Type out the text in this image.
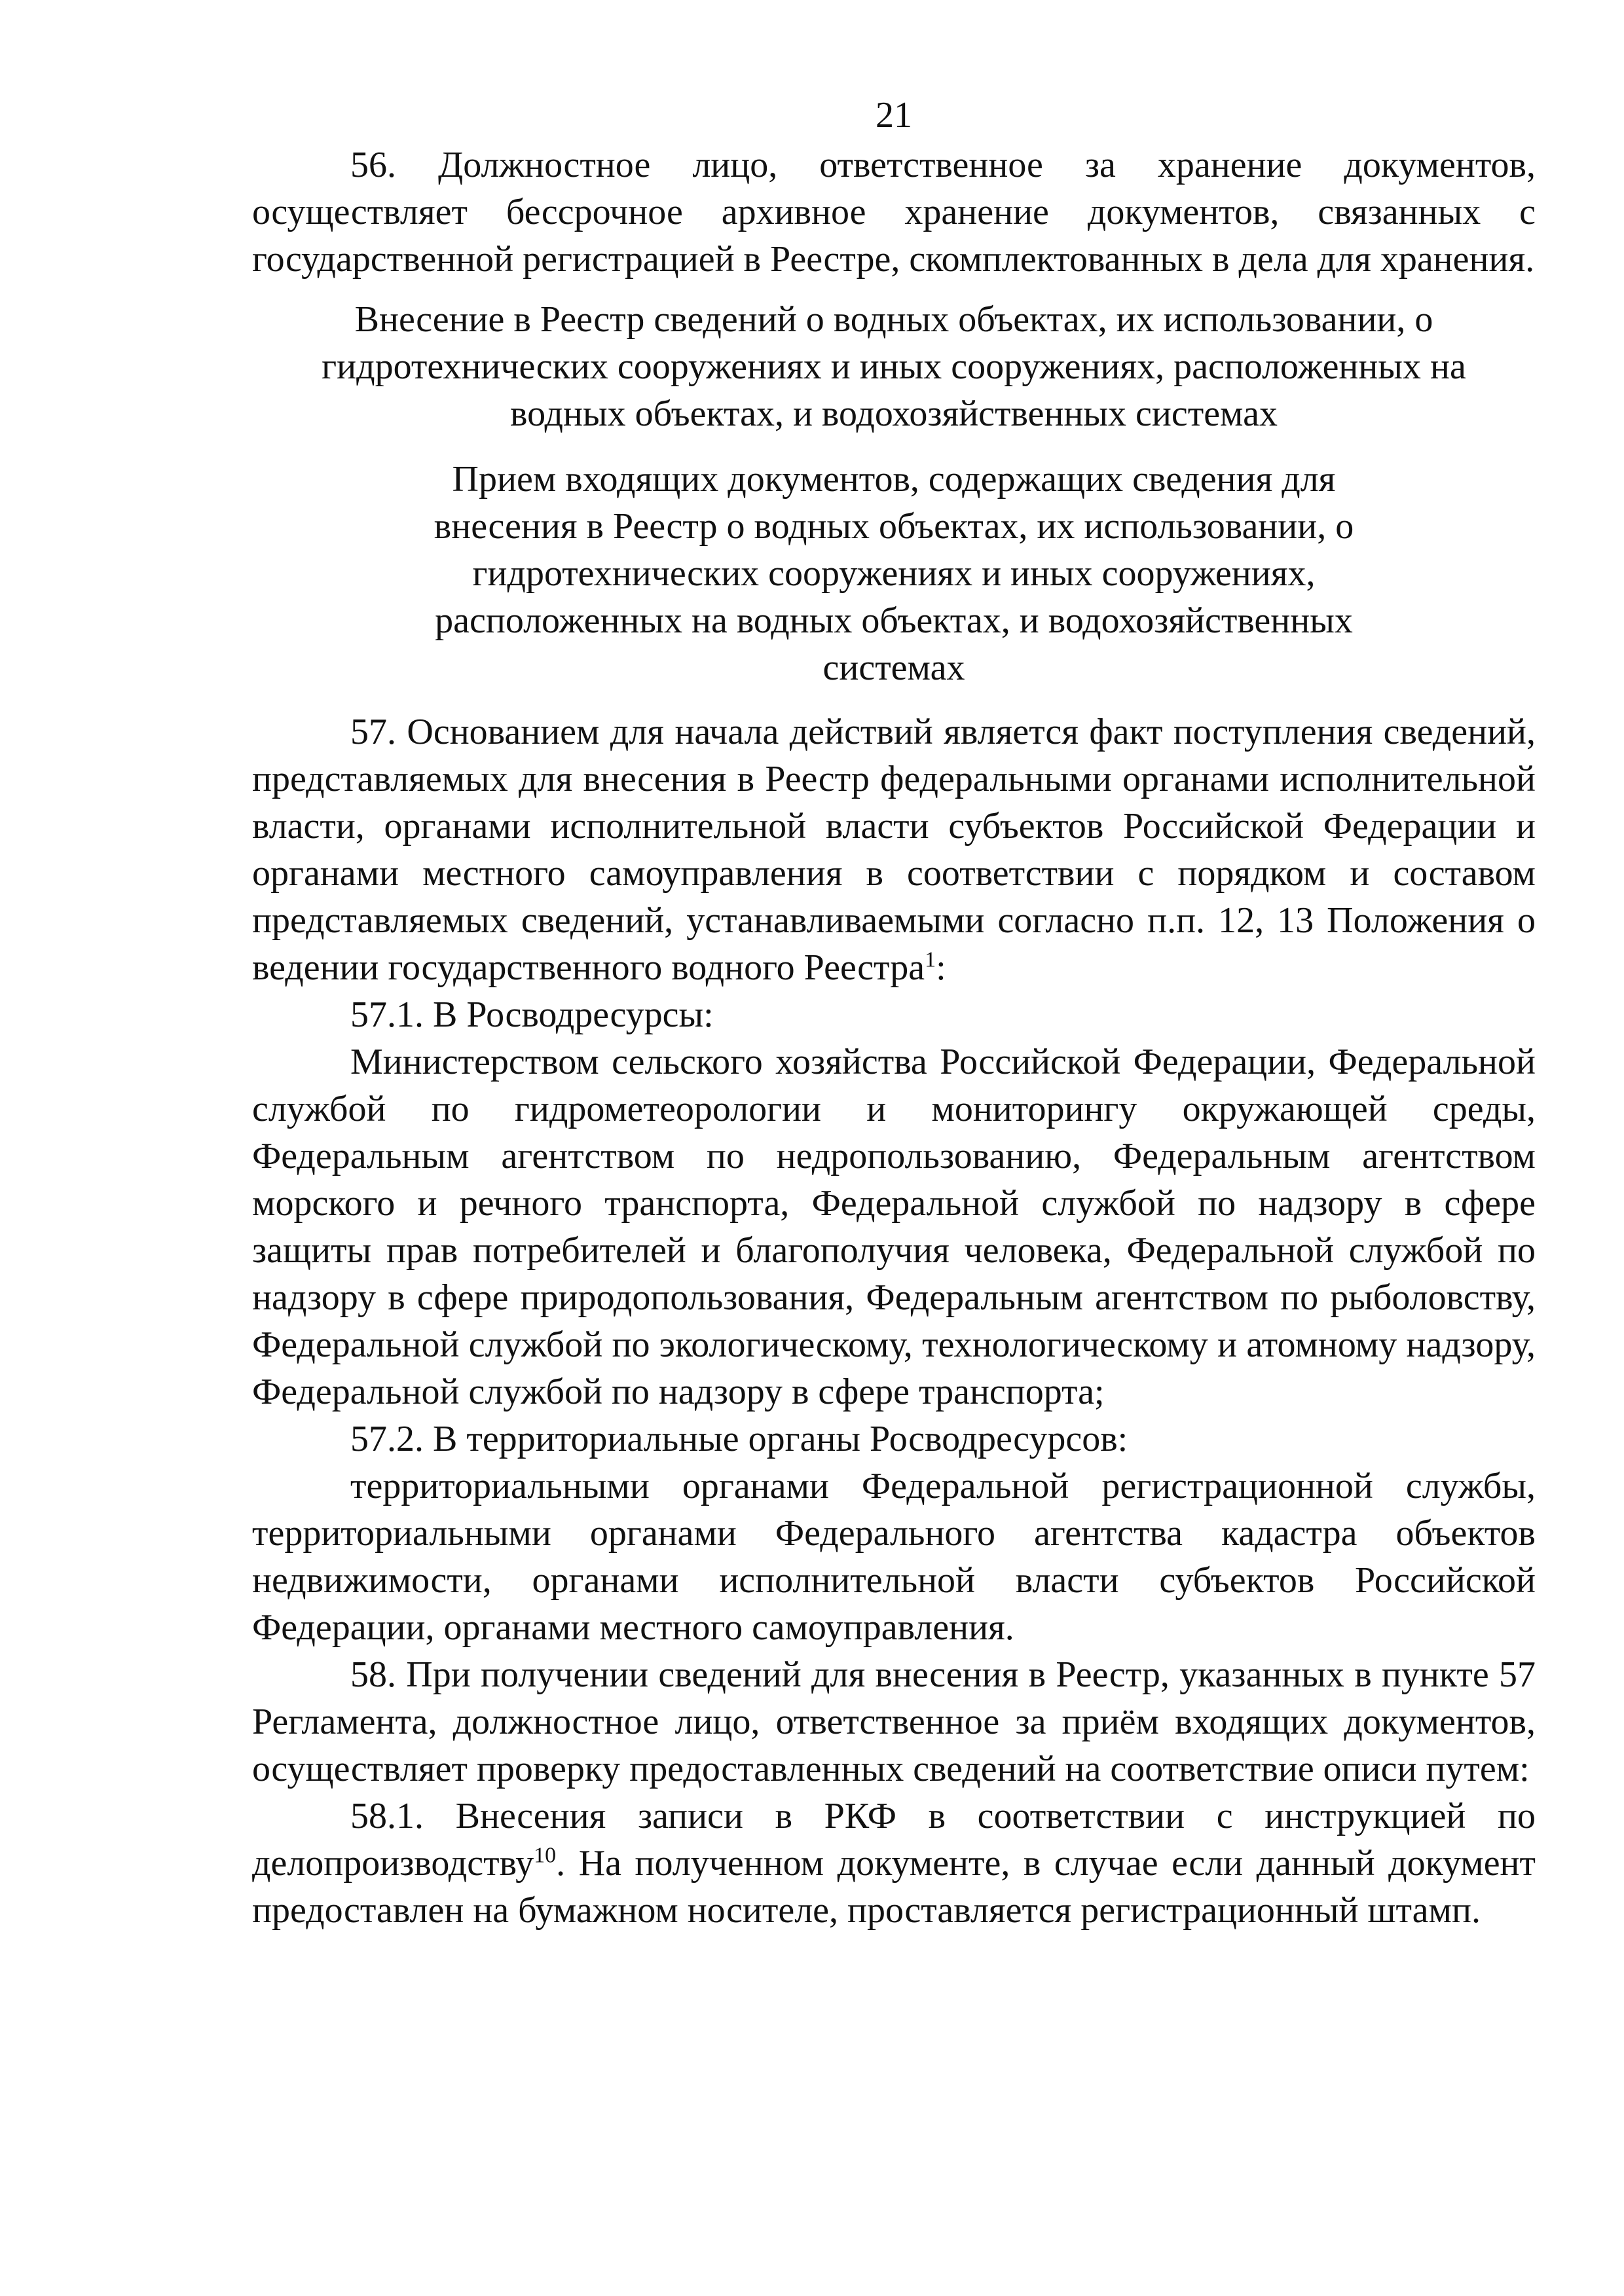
21

56. Должностное лицо, ответственное за хранение документов, осуществляет бессрочное архивное хранение документов, связанных с государственной регистрацией в Реестре, скомплектованных в дела для хранения.

Внесение в Реестр сведений о водных объектах, их использовании, о гидротехнических сооружениях и иных сооружениях, расположенных на водных объектах, и водохозяйственных системах
Прием входящих документов, содержащих сведения для внесения в Реестр о водных объектах, их использовании, о гидротехнических сооружениях и иных сооружениях, расположенных на водных объектах, и водохозяйственных системах

57. Основанием для начала действий является факт поступления сведений, представляемых для внесения в Реестр федеральными органами исполнительной власти, органами исполнительной власти субъектов Российской Федерации и органами местного самоуправления в соответствии с порядком и составом представляемых сведений, устанавливаемыми согласно п.п. 12, 13 Положения о ведении государственного водного Реестра$^1$:

57.1. В Росводресурсы:

Министерством сельского хозяйства Российской Федерации, Федеральной службой по гидрометеорологии и мониторингу окружающей среды, Федеральным агентством по недропользованию, Федеральным агентством морского и речного транспорта, Федеральной службой по надзору в сфере защиты прав потребителей и благополучия человека, Федеральной службой по надзору в сфере природопользования, Федеральным агентством по рыболовству, Федеральной службой по экологическому, технологическому и атомному надзору, Федеральной службой по надзору в сфере транспорта;

57.2. В территориальные органы Росводресурсов:

территориальными органами Федеральной регистрационной службы, территориальными органами Федерального агентства кадастра объектов недвижимости, органами исполнительной власти субъектов Российской Федерации, органами местного самоуправления.

58. При получении сведений для внесения в Реестр, указанных в пункте 57 Регламента, должностное лицо, ответственное за приём входящих документов, осуществляет проверку предоставленных сведений на соответствие описи путем:

58.1. Внесения записи в РКФ в соответствии с инструкцией по делопроизводству$^{10}$. На полученном документе, в случае если данный документ предоставлен на бумажном носителе, проставляется регистрационный штамп.
